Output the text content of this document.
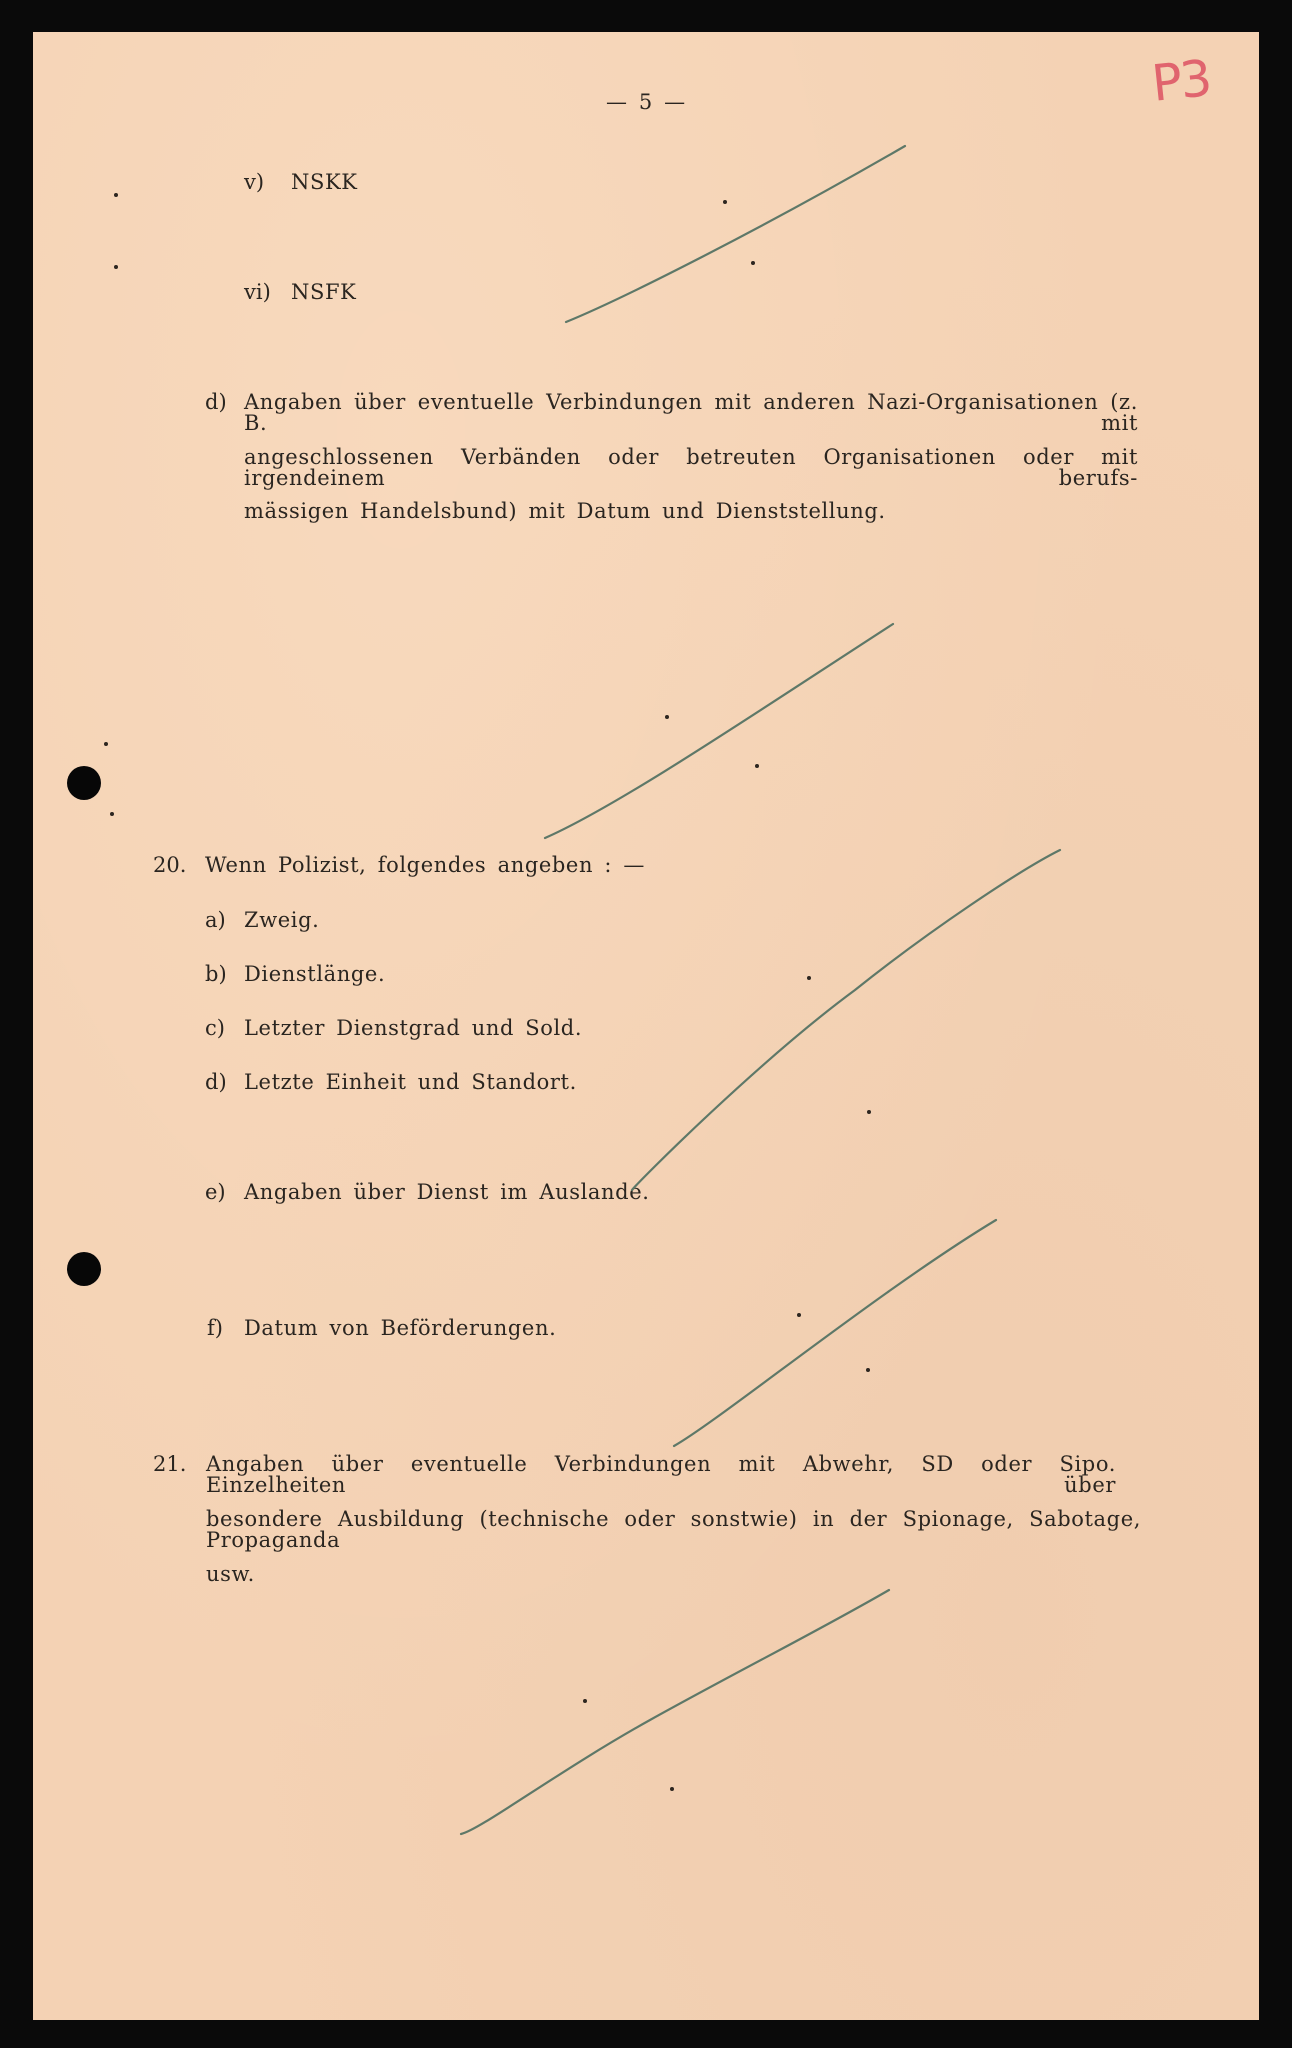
P3
— 5 —
v) NSKK
vi) NSFK
d) Angaben über eventuelle Verbindungen mit anderen Nazi-Organisationen (z. B. mit
angeschlossenen Verbänden oder betreuten Organisationen oder mit irgendeinem berufs-
mässigen Handelsbund) mit Datum und Dienststellung.
20. Wenn Polizist, folgendes angeben : —
a) Zweig.
b) Dienstlänge.
c) Letzter Dienstgrad und Sold.
d) Letzte Einheit und Standort.
e) Angaben über Dienst im Auslande.
f) Datum von Beförderungen.
21. Angaben über eventuelle Verbindungen mit Abwehr, SD oder Sipo. Einzelheiten über
besondere Ausbildung (technische oder sonstwie) in der Spionage, Sabotage, Propaganda
usw.
